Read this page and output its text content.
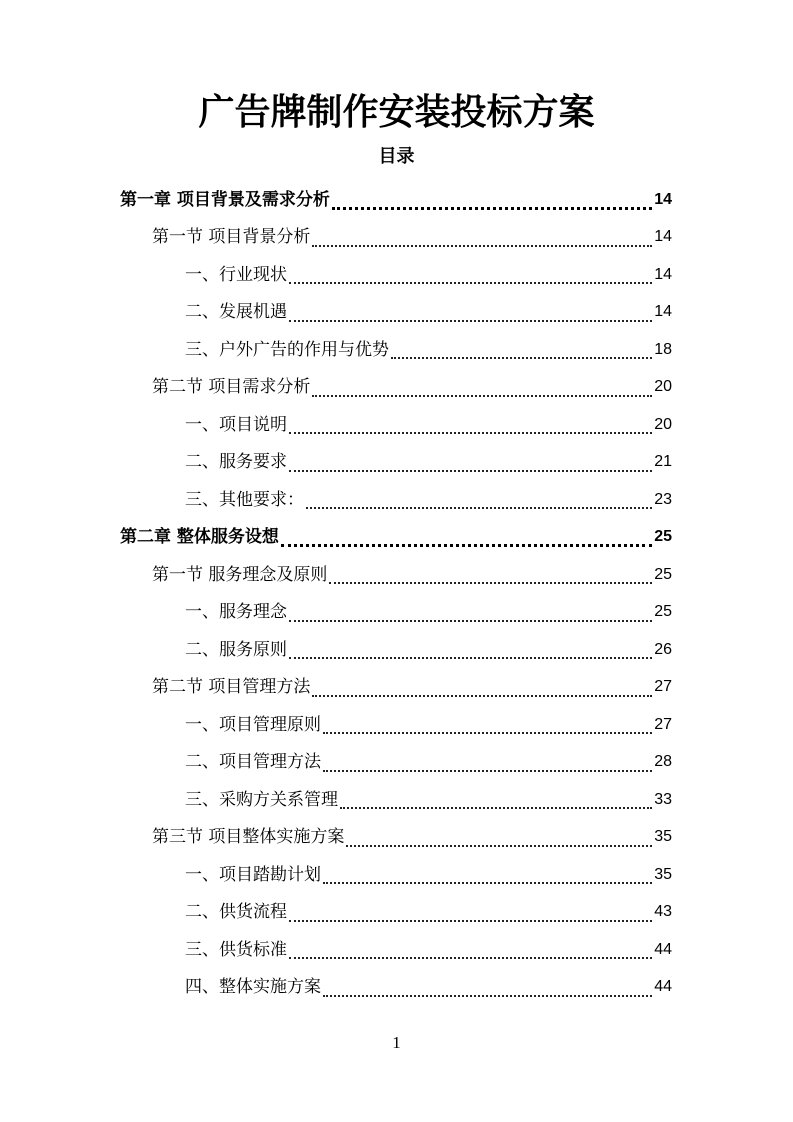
广告牌制作安装投标方案
目录
第一章 项目背景及需求分析	14
第一节 项目背景分析	14
一、行业现状	14
二、发展机遇	14
三、户外广告的作用与优势	18
第二节 项目需求分析	20
一、项目说明	20
二、服务要求	21
三、其他要求：	23
第二章 整体服务设想	25
第一节 服务理念及原则	25
一、服务理念	25
二、服务原则	26
第二节 项目管理方法	27
一、项目管理原则	27
二、项目管理方法	28
三、采购方关系管理	33
第三节 项目整体实施方案	35
一、项目踏勘计划	35
二、供货流程	43
三、供货标准	44
四、整体实施方案	44
1
